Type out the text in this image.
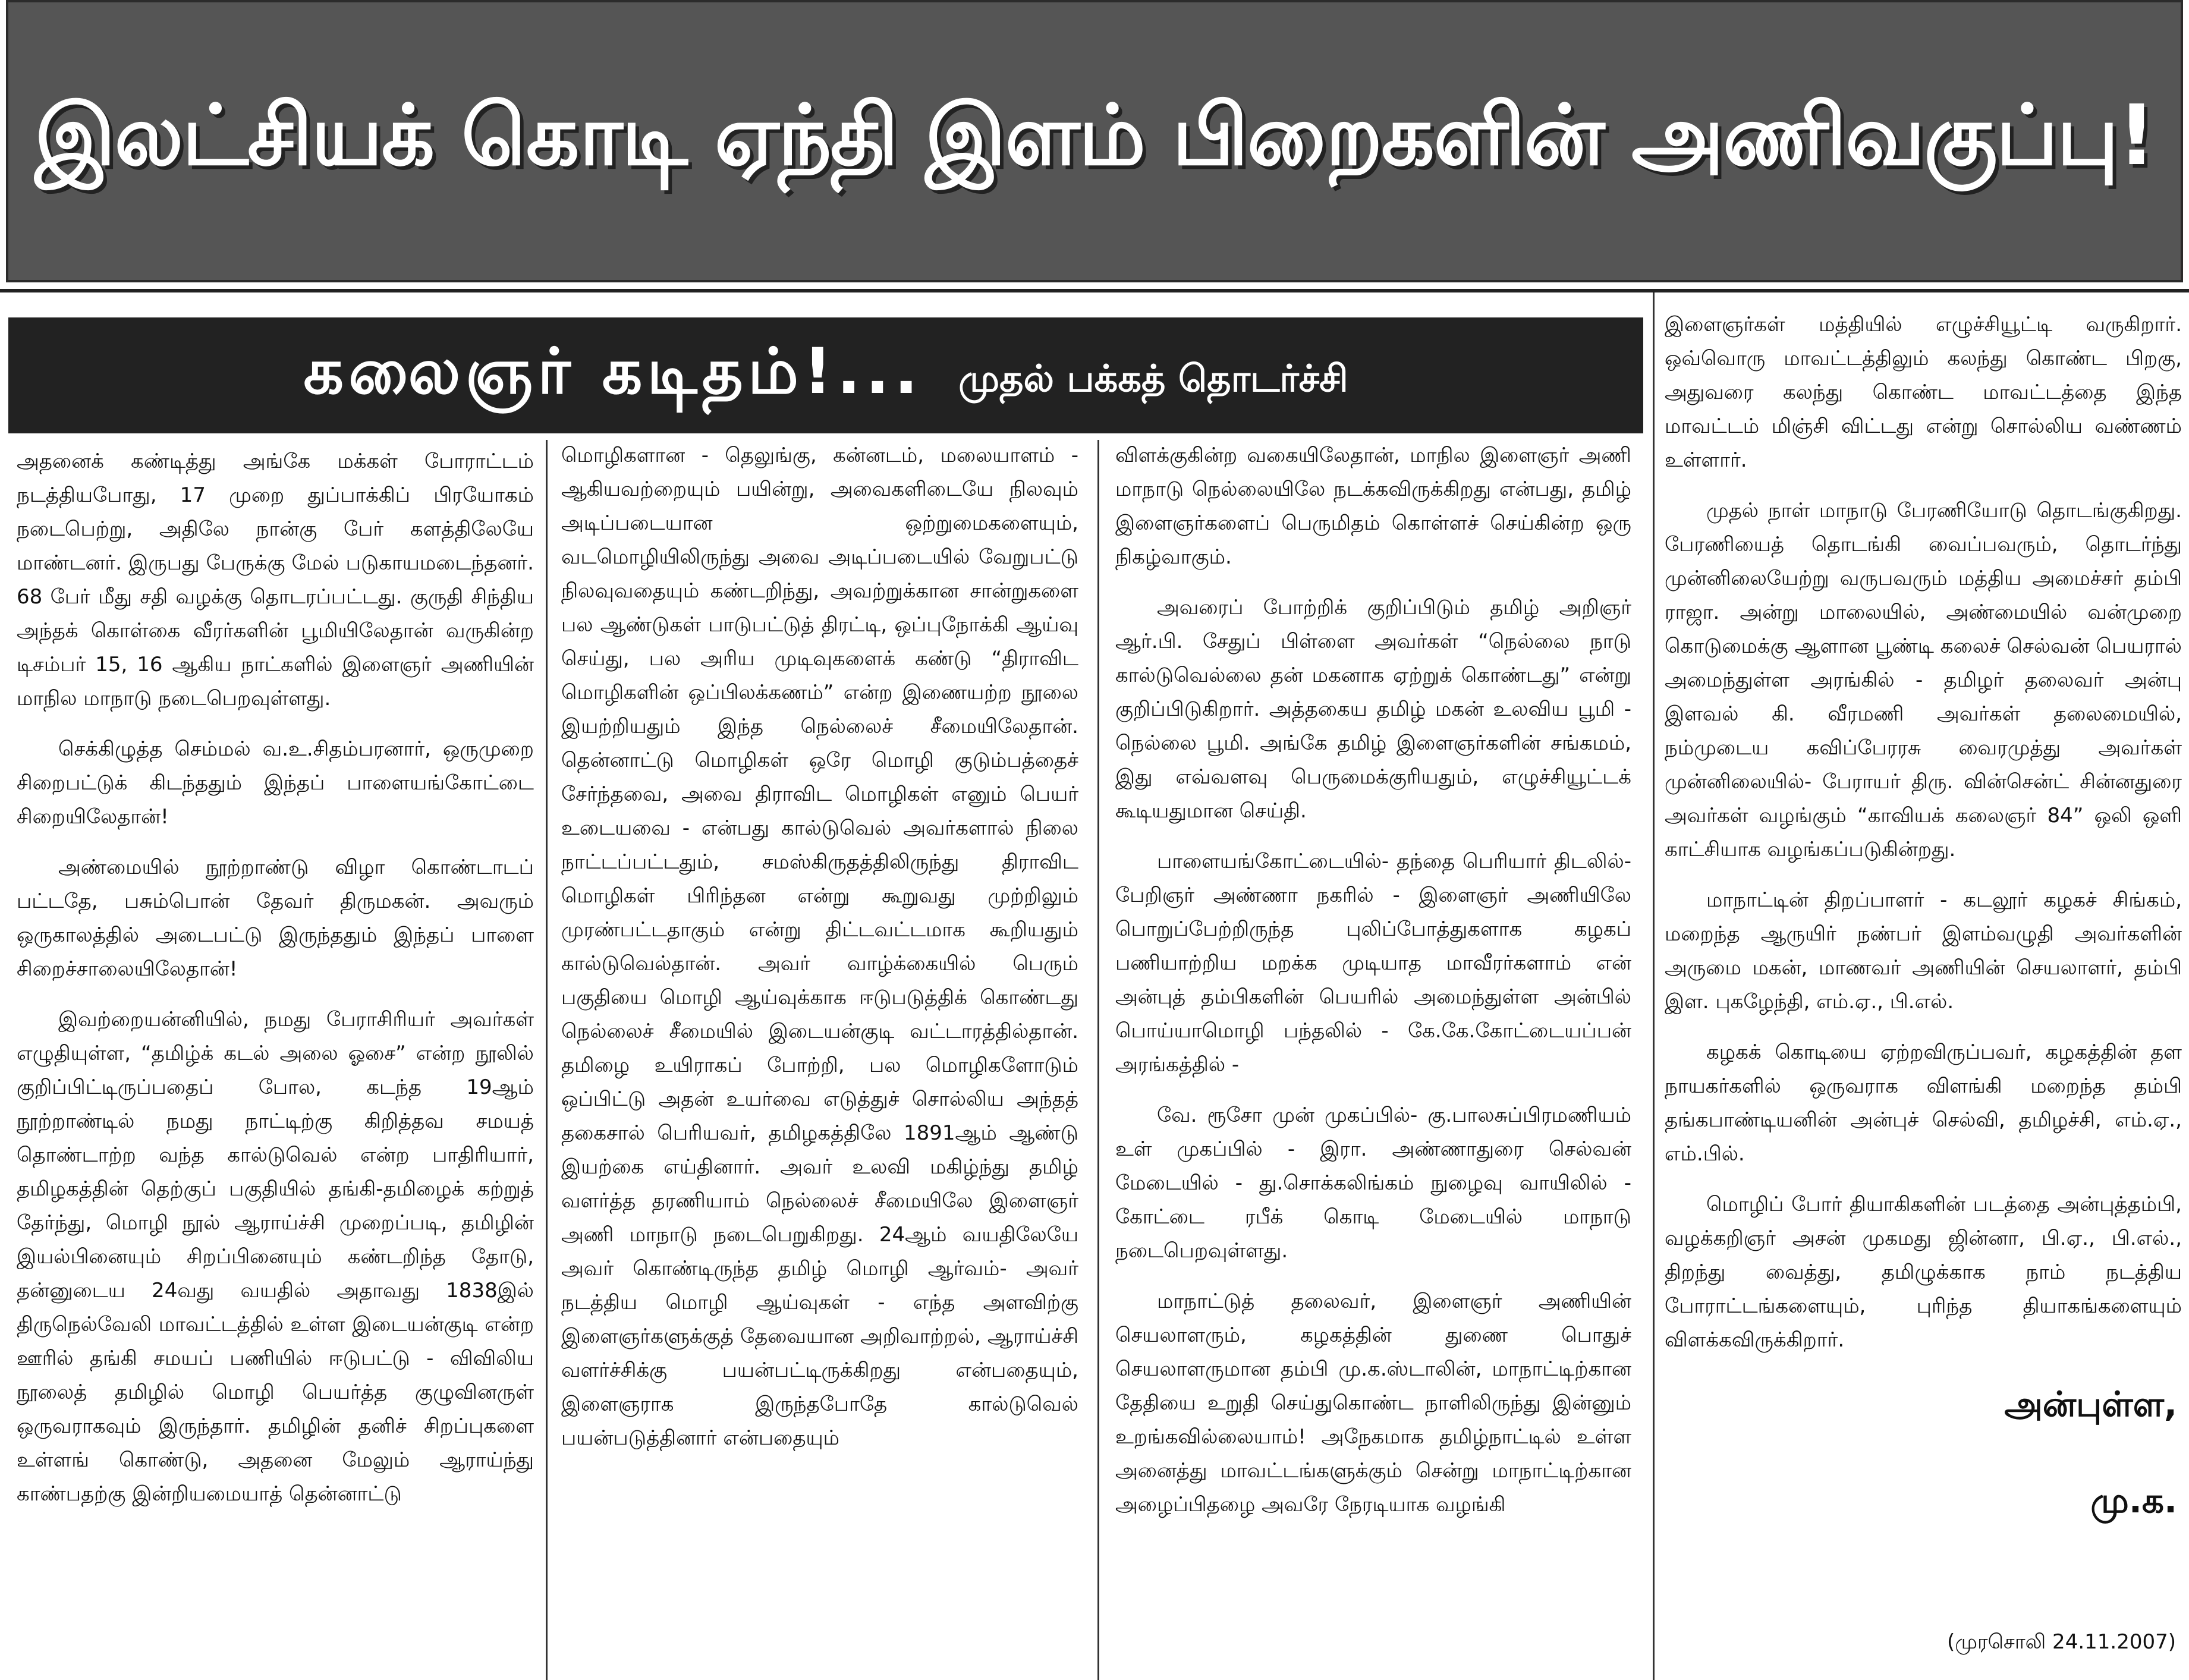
இலட்சியக் கொடி ஏந்தி இளம் பிறைகளின் அணிவகுப்பு!
கலைஞர் கடிதம்!... முதல் பக்கத் தொடர்ச்சி

அதனைக் கண்டித்து அங்கே மக்கள் போராட்டம் நடத்தியபோது, 17 முறை துப்பாக்கிப் பிரயோகம் நடைபெற்று, அதிலே நான்கு பேர் களத்திலேயே மாண்டனர். இருபது பேருக்கு மேல் படுகாயமடைந்தனர். 68 பேர் மீது சதி வழக்கு தொடரப்பட்டது. குருதி சிந்திய அந்தக் கொள்கை வீரர்களின் பூமியிலேதான் வருகின்ற டிசம்பர் 15, 16 ஆகிய நாட்களில் இளைஞர் அணியின் மாநில மாநாடு நடைபெறவுள்ளது.

செக்கிழுத்த செம்மல் வ.உ.சிதம்பரனார், ஒருமுறை சிறைபட்டுக் கிடந்ததும் இந்தப் பாளையங்கோட்டை சிறையிலேதான்!

அண்மையில் நூற்றாண்டு விழா கொண்டாடப் பட்டதே, பசும்பொன் தேவர் திருமகன். அவரும் ஒருகாலத்தில் அடைபட்டு இருந்ததும் இந்தப் பாளை சிறைச்சாலையிலேதான்!

இவற்றையன்னியில், நமது பேராசிரியர் அவர்கள் எழுதியுள்ள, “தமிழ்க் கடல் அலை ஓசை” என்ற நூலில் குறிப்பிட்டிருப்பதைப் போல, கடந்த 19ஆம் நூற்றாண்டில் நமது நாட்டிற்கு கிறித்தவ சமயத் தொண்டாற்ற வந்த கால்டுவெல் என்ற பாதிரியார், தமிழகத்தின் தெற்குப் பகுதியில் தங்கி-தமிழைக் கற்றுத் தேர்ந்து, மொழி நூல் ஆராய்ச்சி முறைப்படி, தமிழின் இயல்பினையும் சிறப்பினையும் கண்டறிந்த தோடு, தன்னுடைய 24வது வயதில் அதாவது 1838இல் திருநெல்வேலி மாவட்டத்தில் உள்ள இடையன்குடி என்ற ஊரில் தங்கி சமயப் பணியில் ஈடுபட்டு - விவிலிய நூலைத் தமிழில் மொழி பெயர்த்த குழுவினருள் ஒருவராகவும் இருந்தார். தமிழின் தனிச் சிறப்புகளை உள்ளங் கொண்டு, அதனை மேலும் ஆராய்ந்து காண்பதற்கு இன்றியமையாத் தென்னாட்டு

மொழிகளான - தெலுங்கு, கன்னடம், மலையாளம் - ஆகியவற்றையும் பயின்று, அவைகளிடையே நிலவும் அடிப்படையான ஒற்றுமைகளையும், வடமொழியிலிருந்து அவை அடிப்படையில் வேறுபட்டு நிலவுவதையும் கண்டறிந்து, அவற்றுக்கான சான்றுகளை பல ஆண்டுகள் பாடுபட்டுத் திரட்டி, ஒப்புநோக்கி ஆய்வு செய்து, பல அரிய முடிவுகளைக் கண்டு “திராவிட மொழிகளின் ஒப்பிலக்கணம்” என்ற இணையற்ற நூலை இயற்றியதும் இந்த நெல்லைச் சீமையிலேதான். தென்னாட்டு மொழிகள் ஒரே மொழி குடும்பத்தைச் சேர்ந்தவை, அவை திராவிட மொழிகள் எனும் பெயர் உடையவை - என்பது கால்டுவெல் அவர்களால் நிலை நாட்டப்பட்டதும், சமஸ்கிருதத்திலிருந்து திராவிட மொழிகள் பிரிந்தன என்று கூறுவது முற்றிலும் முரண்பட்டதாகும் என்று திட்டவட்டமாக கூறியதும் கால்டுவெல்தான். அவர் வாழ்க்கையில் பெரும் பகுதியை மொழி ஆய்வுக்காக ஈடுபடுத்திக் கொண்டது நெல்லைச் சீமையில் இடையன்குடி வட்டாரத்தில்தான். தமிழை உயிராகப் போற்றி, பல மொழிகளோடும் ஒப்பிட்டு அதன் உயர்வை எடுத்துச் சொல்லிய அந்தத் தகைசால் பெரியவர், தமிழகத்திலே 1891ஆம் ஆண்டு இயற்கை எய்தினார். அவர் உலவி மகிழ்ந்து தமிழ் வளர்த்த தரணியாம் நெல்லைச் சீமையிலே இளைஞர் அணி மாநாடு நடைபெறுகிறது. 24ஆம் வயதிலேயே அவர் கொண்டிருந்த தமிழ் மொழி ஆர்வம்- அவர் நடத்திய மொழி ஆய்வுகள் - எந்த அளவிற்கு இளைஞர்களுக்குத் தேவையான அறிவாற்றல், ஆராய்ச்சி வளர்ச்சிக்கு பயன்பட்டிருக்கிறது என்பதையும், இளைஞராக இருந்தபோதே கால்டுவெல் பயன்படுத்தினார் என்பதையும்

விளக்குகின்ற வகையிலேதான், மாநில இளைஞர் அணி மாநாடு நெல்லையிலே நடக்கவிருக்கிறது என்பது, தமிழ் இளைஞர்களைப் பெருமிதம் கொள்ளச் செய்கின்ற ஒரு நிகழ்வாகும்.

அவரைப் போற்றிக் குறிப்பிடும் தமிழ் அறிஞர் ஆர்.பி. சேதுப் பிள்ளை அவர்கள் “நெல்லை நாடு கால்டுவெல்லை தன் மகனாக ஏற்றுக் கொண்டது” என்று குறிப்பிடுகிறார். அத்தகைய தமிழ் மகன் உலவிய பூமி - நெல்லை பூமி. அங்கே தமிழ் இளைஞர்களின் சங்கமம், இது எவ்வளவு பெருமைக்குரியதும், எழுச்சியூட்டக் கூடியதுமான செய்தி.

பாளையங்கோட்டையில்- தந்தை பெரியார் திடலில்- பேறிஞர் அண்ணா நகரில் - இளைஞர் அணியிலே பொறுப்பேற்றிருந்த புலிப்போத்துகளாக கழகப் பணியாற்றிய மறக்க முடியாத மாவீரர்களாம் என் அன்புத் தம்பிகளின் பெயரில் அமைந்துள்ள அன்பில் பொய்யாமொழி பந்தலில் - கே.கே.கோட்டையப்பன் அரங்கத்தில் -

வே. ரூசோ முன் முகப்பில்- கு.பாலசுப்பிரமணியம் உள் முகப்பில் - இரா. அண்ணாதுரை செல்வன் மேடையில் - து.சொக்கலிங்கம் நுழைவு வாயிலில் - கோட்டை ரபீக் கொடி மேடையில் மாநாடு நடைபெறவுள்ளது.

மாநாட்டுத் தலைவர், இளைஞர் அணியின் செயலாளரும், கழகத்தின் துணை பொதுச் செயலாளருமான தம்பி மு.க.ஸ்டாலின், மாநாட்டிற்கான தேதியை உறுதி செய்துகொண்ட நாளிலிருந்து இன்னும் உறங்கவில்லையாம்! அநேகமாக தமிழ்நாட்டில் உள்ள அனைத்து மாவட்டங்களுக்கும் சென்று மாநாட்டிற்கான அழைப்பிதழை அவரே நேரடியாக வழங்கி

இளைஞர்கள் மத்தியில் எழுச்சியூட்டி வருகிறார். ஒவ்வொரு மாவட்டத்திலும் கலந்து கொண்ட பிறகு, அதுவரை கலந்து கொண்ட மாவட்டத்தை இந்த மாவட்டம் மிஞ்சி விட்டது என்று சொல்லிய வண்ணம் உள்ளார்.

முதல் நாள் மாநாடு பேரணியோடு தொடங்குகிறது. பேரணியைத் தொடங்கி வைப்பவரும், தொடர்ந்து முன்னிலையேற்று வருபவரும் மத்திய அமைச்சர் தம்பி ராஜா. அன்று மாலையில், அண்மையில் வன்முறை கொடுமைக்கு ஆளான பூண்டி கலைச் செல்வன் பெயரால் அமைந்துள்ள அரங்கில் - தமிழர் தலைவர் அன்பு இளவல் கி. வீரமணி அவர்கள் தலைமையில், நம்முடைய கவிப்பேரரசு வைரமுத்து அவர்கள் முன்னிலையில்- பேராயர் திரு. வின்சென்ட் சின்னதுரை அவர்கள் வழங்கும் “காவியக் கலைஞர் 84” ஒலி ஒளி காட்சியாக வழங்கப்படுகின்றது.

மாநாட்டின் திறப்பாளர் - கடலூர் கழகச் சிங்கம், மறைந்த ஆருயிர் நண்பர் இளம்வழுதி அவர்களின் அருமை மகன், மாணவர் அணியின் செயலாளர், தம்பி இள. புகழேந்தி, எம்.ஏ., பி.எல்.

கழகக் கொடியை ஏற்றவிருப்பவர், கழகத்தின் தள நாயகர்களில் ஒருவராக விளங்கி மறைந்த தம்பி தங்கபாண்டியனின் அன்புச் செல்வி, தமிழச்சி, எம்.ஏ., எம்.பில்.

மொழிப் போர் தியாகிகளின் படத்தை அன்புத்தம்பி, வழக்கறிஞர் அசன் முகமது ஜின்னா, பி.ஏ., பி.எல்., திறந்து வைத்து, தமிழுக்காக நாம் நடத்திய போராட்டங்களையும், புரிந்த தியாகங்களையும் விளக்கவிருக்கிறார்.

அன்புள்ள,
மு.க.
(முரசொலி 24.11.2007)
